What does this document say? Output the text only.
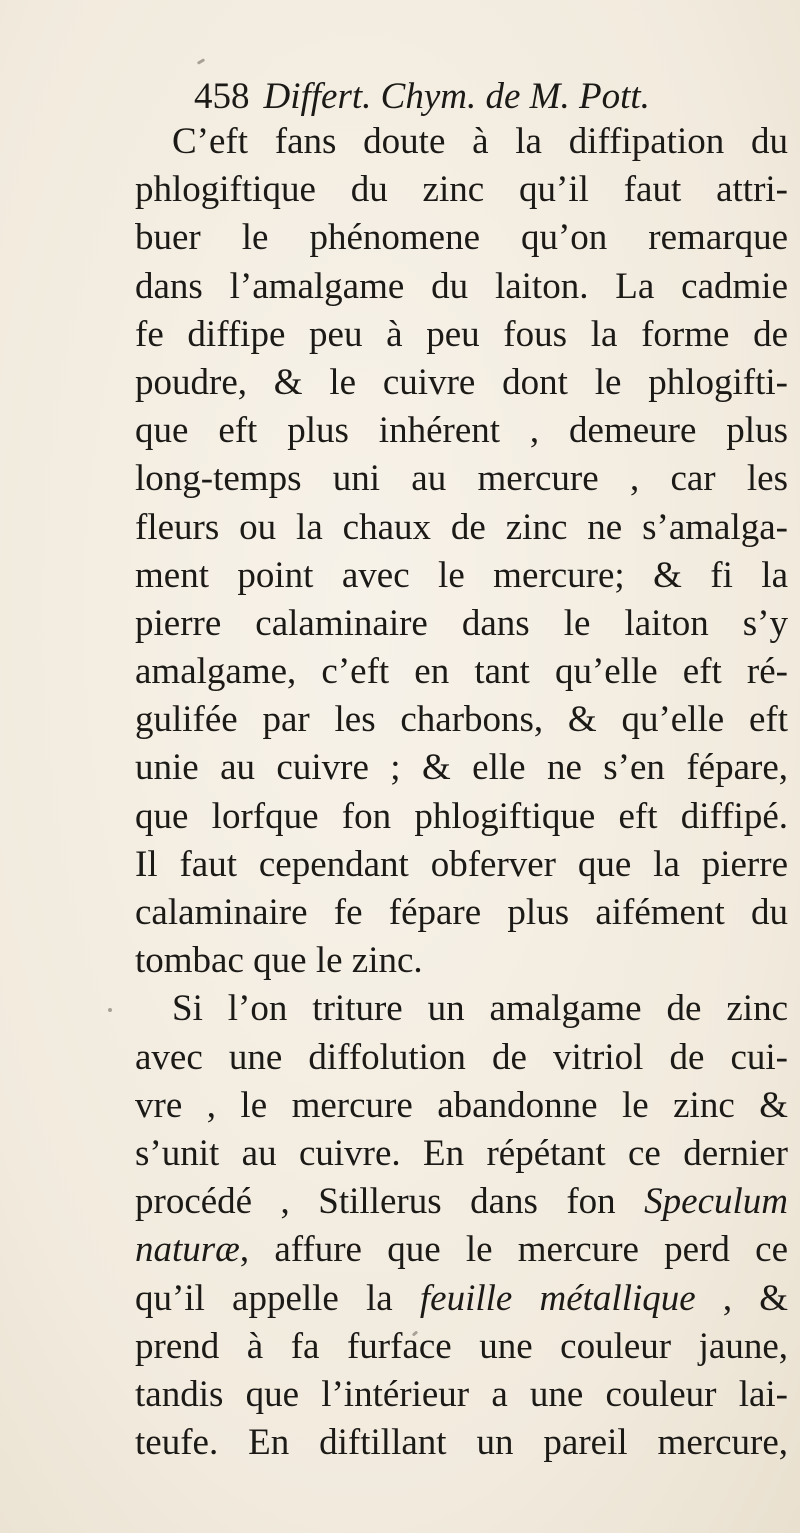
458 Differt. Chym. de M. Pott.
C’eft fans doute à la diffipation du
phlogiftique du zinc qu’il faut attri-
buer le phénomene qu’on remarque
dans l’amalgame du laiton. La cadmie
fe diffipe peu à peu fous la forme de
poudre, & le cuivre dont le phlogifti-
que eft plus inhérent , demeure plus
long-temps uni au mercure , car les
fleurs ou la chaux de zinc ne s’amalga-
ment point avec le mercure; & fi la
pierre calaminaire dans le laiton s’y
amalgame, c’eft en tant qu’elle eft ré-
gulifée par les charbons, & qu’elle eft
unie au cuivre ; & elle ne s’en fépare,
que lorfque fon phlogiftique eft diffipé.
Il faut cependant obferver que la pierre
calaminaire fe fépare plus aifément du
tombac que le zinc.
Si l’on triture un amalgame de zinc
avec une diffolution de vitriol de cui-
vre , le mercure abandonne le zinc &
s’unit au cuivre. En répétant ce dernier
procédé , Stillerus dans fon Speculum
naturæ, affure que le mercure perd ce
qu’il appelle la feuille métallique , &
prend à fa furface une couleur jaune,
tandis que l’intérieur a une couleur lai-
teufe. En diftillant un pareil mercure,
